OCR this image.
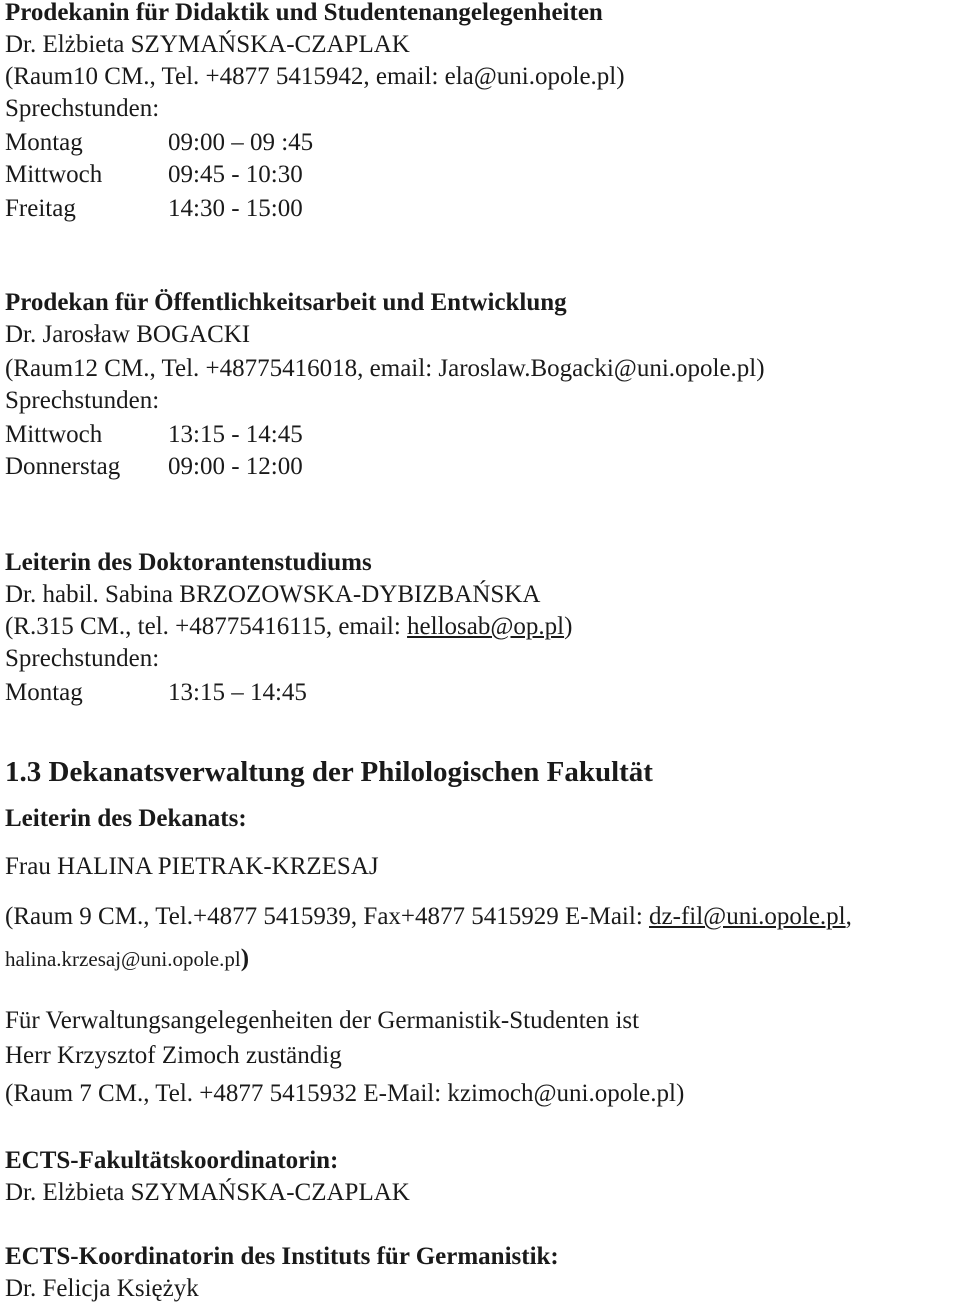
Prodekanin für Didaktik und Studentenangelegenheiten
Dr. Elżbieta SZYMAŃSKA-CZAPLAK
(Raum10 CM., Tel. +4877 5415942, email: ela@uni.opole.pl)
Sprechstunden:
Montag	09:00 – 09 :45
Mittwoch	09:45 - 10:30
Freitag	14:30 - 15:00
Prodekan für Öffentlichkeitsarbeit und Entwicklung
Dr. Jarosław BOGACKI
(Raum12 CM., Tel. +48775416018, email: Jaroslaw.Bogacki@uni.opole.pl)
Sprechstunden:
Mittwoch	13:15 - 14:45
Donnerstag 09:00 - 12:00
Leiterin des Doktorantenstudiums
Dr. habil. Sabina BRZOZOWSKA-DYBIZBAŃSKA
(R.315 CM., tel. +48775416115, email: hellosab@op.pl)
Sprechstunden:
Montag	13:15 – 14:45
1.3 Dekanatsverwaltung der Philologischen Fakultät
Leiterin des Dekanats:
Frau HALINA PIETRAK-KRZESAJ
(Raum 9 CM., Tel.+4877 5415939, Fax+4877 5415929 E-Mail: dz-fil@uni.opole.pl,
halina.krzesaj@uni.opole.pl)
Für Verwaltungsangelegenheiten der Germanistik-Studenten ist
Herr Krzysztof Zimoch zuständig
(Raum 7 CM., Tel. +4877 5415932 E-Mail: kzimoch@uni.opole.pl)
ECTS-Fakultätskoordinatorin:
Dr. Elżbieta SZYMAŃSKA-CZAPLAK
ECTS-Koordinatorin des Instituts für Germanistik:
Dr. Felicja Księżyk
